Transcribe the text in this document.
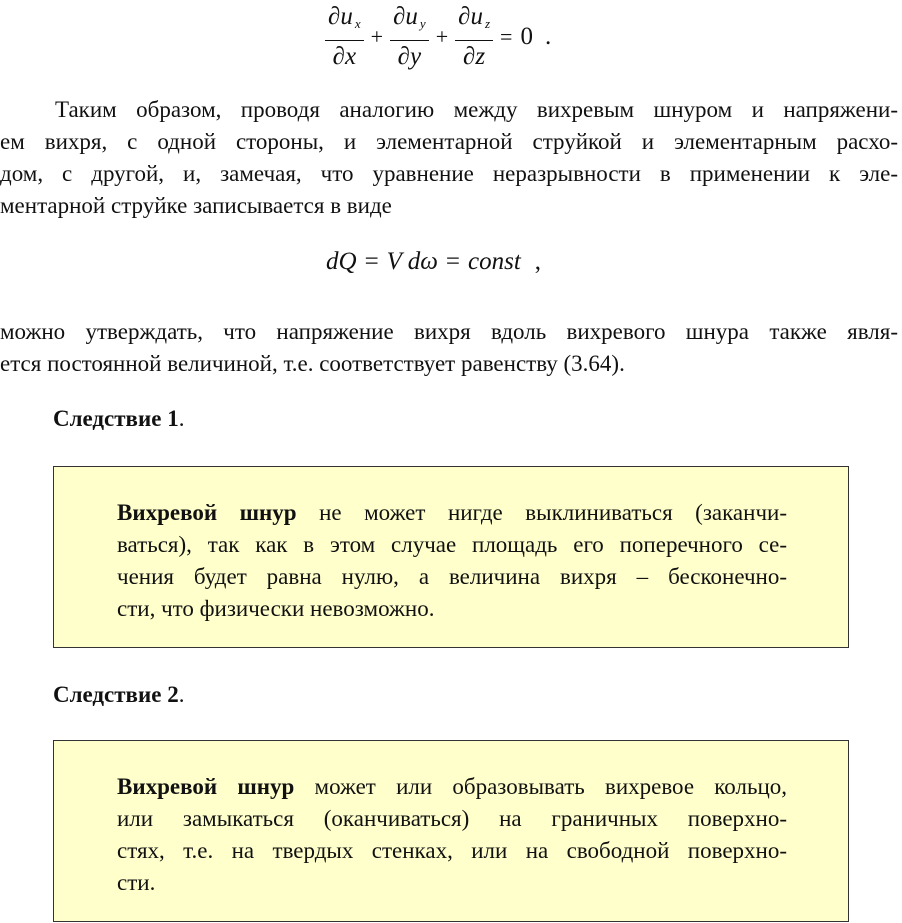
$\frac{\partial u _x}{\partial x} + \frac{\partial u _y}{\partial y} + \frac{\partial u _z}{\partial z} = 0$ .
Таким образом, проводя аналогию между вихревым шнуром и напряжени-
ем вихря, с одной стороны, и элементарной струйкой и элементарным расхо-
дом, с другой, и, замечая, что уравнение неразрывности в применении к эле-
ментарной струйке записывается в виде
dQ = V dω = const ,
можно утверждать, что напряжение вихря вдоль вихревого шнура также явля-
ется постоянной величиной, т.е. соответствует равенству (3.64).
Следствие 1.
Вихревой шнур не может нигде выклиниваться (заканчи-
ваться), так как в этом случае площадь его поперечного се-
чения будет равна нулю, а величина вихря – бесконечно-
сти, что физически невозможно.
Следствие 2.
Вихревой шнур может или образовывать вихревое кольцо,
или замыкаться (оканчиваться) на граничных поверхно-
стях, т.е. на твердых стенках, или на свободной поверхно-
сти.
